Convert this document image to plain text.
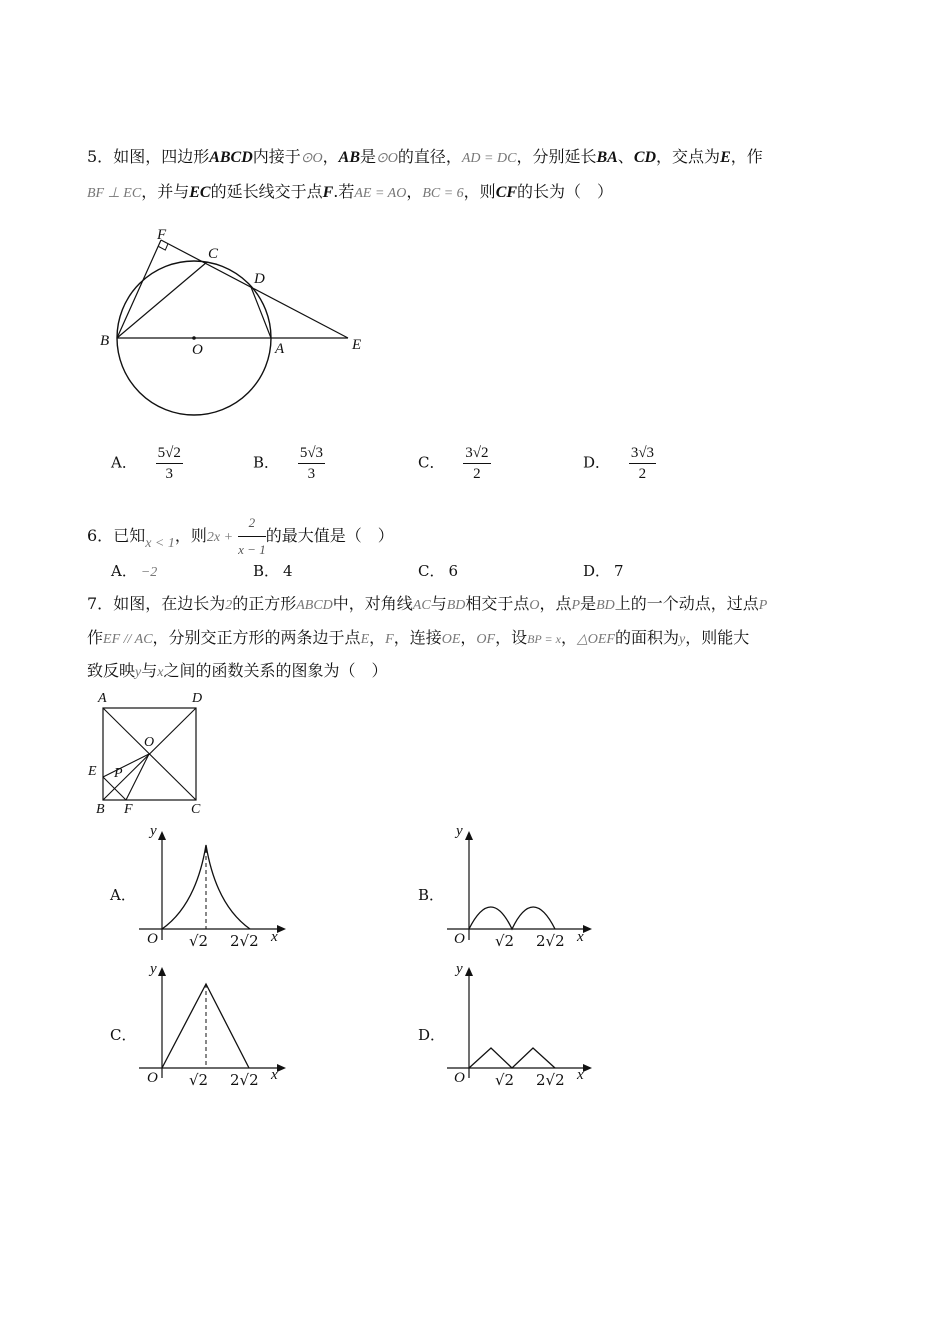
5．如图，四边形ABCD内接于⊙O，AB是⊙O的直径，AD = DC，分别延长BA、CD，交点为E，作
BF ⊥ EC，并与EC的延长线交于点F.若AE = AO，BC = 6，则CF的长为（　）
F
C
D
B
O	A	E
A． $\frac{5√2}{3}$	B． $\frac{5√3}{3}$	C． $\frac{3√2}{2}$	D． $\frac{3√3}{2}$
6．已知x < 1，则$2x + \frac{2}{x - 1}$ 的最大值是（　）
A． −2	B． 4	C． 6	D． 7
7．如图，在边长为2的正方形ABCD中，对角线AC与BD相交于点O，点P是BD上的一个动点，过点P
作EF // AC，分别交正方形的两条边于点E，F，连接OE，OF，设BP = x，△OEF的面积为y，则能大
致反映y与x之间的函数关系的图象为（　）
A	D
O
E P
B F	C
A．
y
O √2 2√2 x
B．
y
O √2 2√2 x
C．
y
O √2 2√2 x
D．
y
O √2 2√2 x
